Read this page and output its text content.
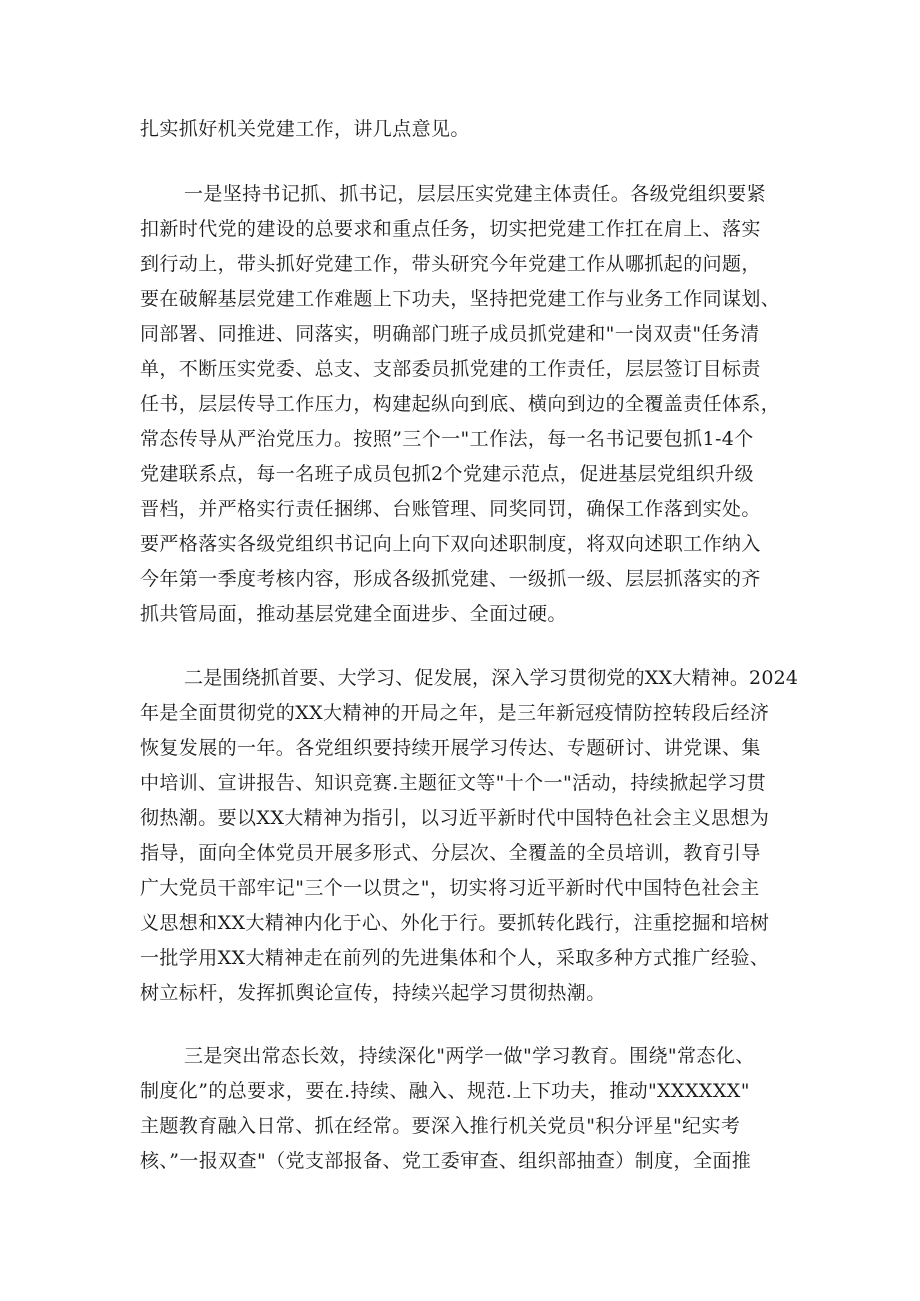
扎实抓好机关党建工作，讲几点意见。
一是坚持书记抓、抓书记，层层压实党建主体责任。各级党组织要紧
扣新时代党的建设的总要求和重点任务，切实把党建工作扛在肩上、落实
到行动上，带头抓好党建工作，带头研究今年党建工作从哪抓起的问题，
要在破解基层党建工作难题上下功夫，坚持把党建工作与业务工作同谋划、
同部署、同推进、同落实，明确部门班子成员抓党建和"一岗双责"任务清
单，不断压实党委、总支、支部委员抓党建的工作责任，层层签订目标责
任书，层层传导工作压力，构建起纵向到底、横向到边的全覆盖责任体系，
常态传导从严治党压力。按照”三个一"工作法，每一名书记要包抓1-4个
党建联系点，每一名班子成员包抓2个党建示范点，促进基层党组织升级
晋档，并严格实行责任捆绑、台账管理、同奖同罚，确保工作落到实处。
要严格落实各级党组织书记向上向下双向述职制度，将双向述职工作纳入
今年第一季度考核内容，形成各级抓党建、一级抓一级、层层抓落实的齐
抓共管局面，推动基层党建全面进步、全面过硬。
二是围绕抓首要、大学习、促发展，深入学习贯彻党的XX大精神。2024
年是全面贯彻党的XX大精神的开局之年，是三年新冠疫情防控转段后经济
恢复发展的一年。各党组织要持续开展学习传达、专题研讨、讲党课、集
中培训、宣讲报告、知识竞赛.主题征文等"十个一"活动，持续掀起学习贯
彻热潮。要以XX大精神为指引，以习近平新时代中国特色社会主义思想为
指导，面向全体党员开展多形式、分层次、全覆盖的全员培训，教育引导
广大党员干部牢记"三个一以贯之"，切实将习近平新时代中国特色社会主
义思想和XX大精神内化于心、外化于行。要抓转化践行，注重挖掘和培树
一批学用XX大精神走在前列的先进集体和个人，采取多种方式推广经验、
树立标杆，发挥抓舆论宣传，持续兴起学习贯彻热潮。
三是突出常态长效，持续深化"两学一做"学习教育。围绕"常态化、
制度化”的总要求，要在.持续、融入、规范.上下功夫，推动"XXXXXX"
主题教育融入日常、抓在经常。要深入推行机关党员"积分评星"纪实考
核、”一报双查"（党支部报备、党工委审查、组织部抽查）制度，全面推
